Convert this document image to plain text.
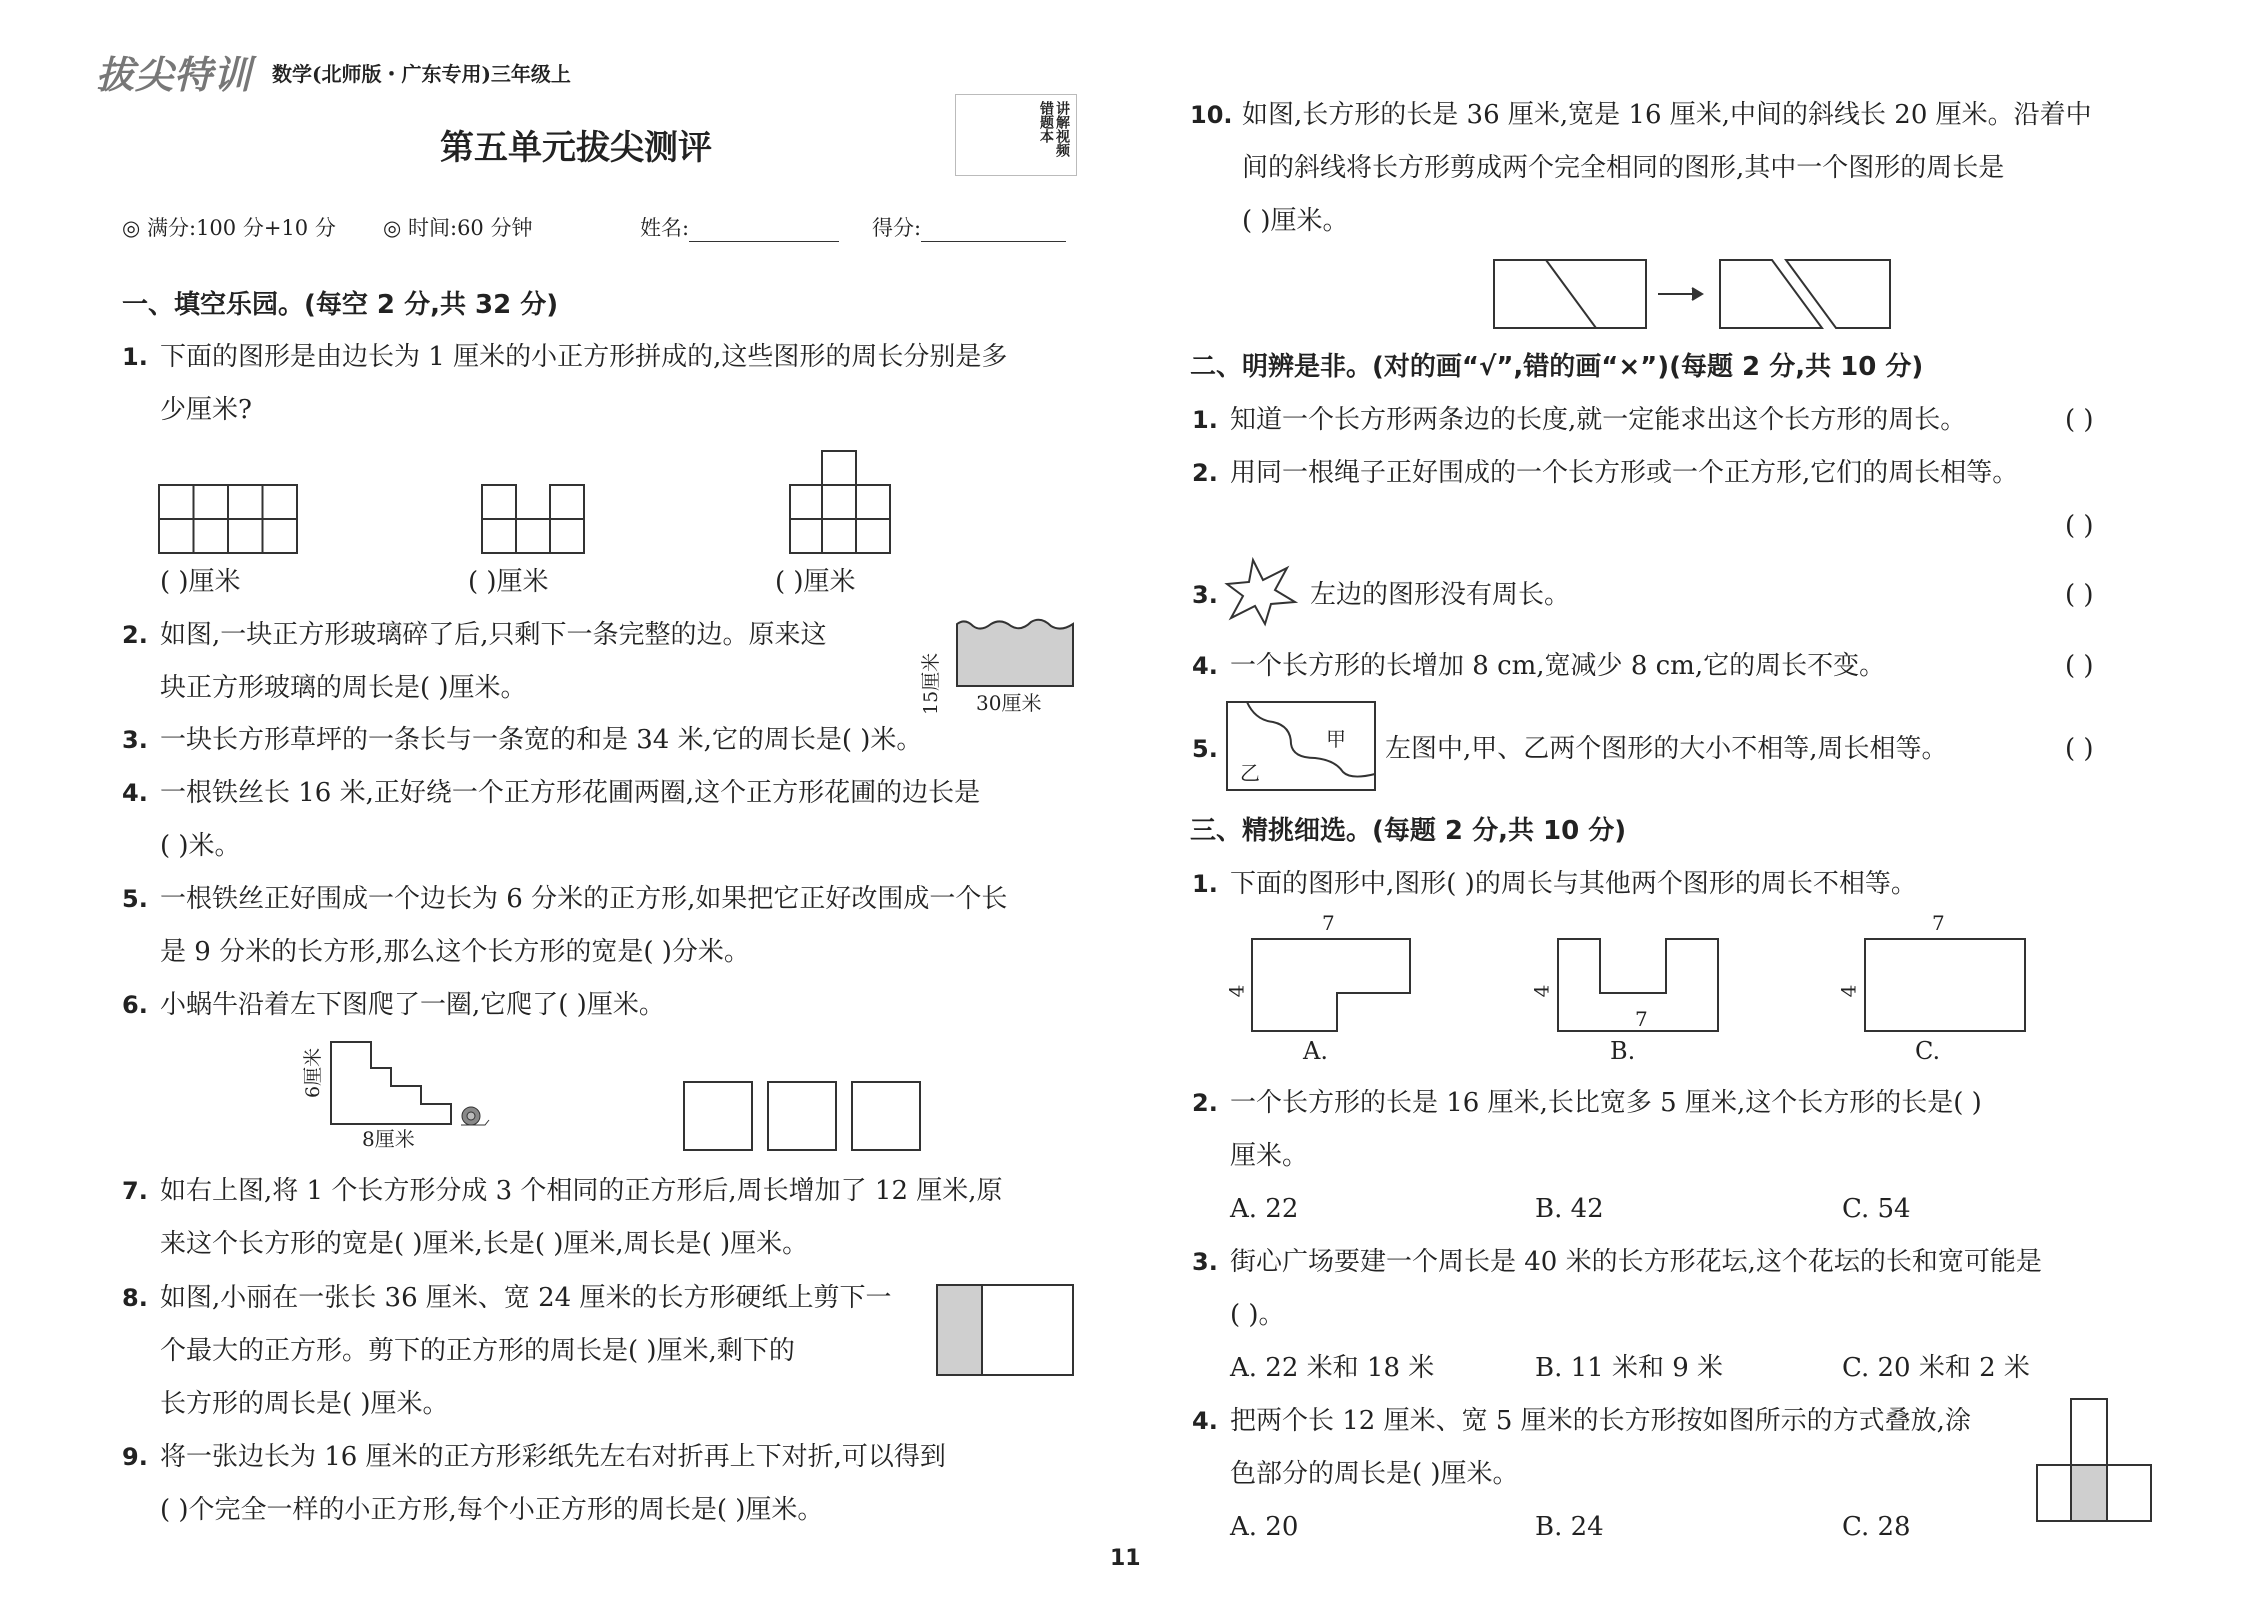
拔尖特训 数学(北师版・广东专用)三年级上
第五单元拔尖测评	讲解视频 错题本
◎ 满分:100 分+10 分 ◎ 时间:60 分钟	姓名:	得分:
一、填空乐园。(每空 2 分,共 32 分)
1. 下面的图形是由边长为 1 厘米的小正方形拼成的,这些图形的周长分别是多
少厘米?
( )厘米	( )厘米	( )厘米
2. 如图,一块正方形玻璃碎了后,只剩下一条完整的边。原来这
块正方形玻璃的周长是( )厘米。	15厘米 30厘米
3. 一块长方形草坪的一条长与一条宽的和是 34 米,它的周长是( )米。
4. 一根铁丝长 16 米,正好绕一个正方形花圃两圈,这个正方形花圃的边长是
( )米。
5. 一根铁丝正好围成一个边长为 6 分米的正方形,如果把它正好改围成一个长
是 9 分米的长方形,那么这个长方形的宽是( )分米。
6. 小蜗牛沿着左下图爬了一圈,它爬了( )厘米。
6厘米
8厘米
7. 如右上图,将 1 个长方形分成 3 个相同的正方形后,周长增加了 12 厘米,原
来这个长方形的宽是( )厘米,长是( )厘米,周长是( )厘米。
8. 如图,小丽在一张长 36 厘米、宽 24 厘米的长方形硬纸上剪下一
个最大的正方形。剪下的正方形的周长是( )厘米,剩下的
长方形的周长是( )厘米。
9. 将一张边长为 16 厘米的正方形彩纸先左右对折再上下对折,可以得到
( )个完全一样的小正方形,每个小正方形的周长是( )厘米。
10. 如图,长方形的长是 36 厘米,宽是 16 厘米,中间的斜线长 20 厘米。沿着中
间的斜线将长方形剪成两个完全相同的图形,其中一个图形的周长是
( )厘米。
二、明辨是非。(对的画“√”,错的画“×”)(每题 2 分,共 10 分)
1. 知道一个长方形两条边的长度,就一定能求出这个长方形的周长。	( )
2. 用同一根绳子正好围成的一个长方形或一个正方形,它们的周长相等。
( )
3.	左边的图形没有周长。	( )
4. 一个长方形的长增加 8 cm,宽减少 8 cm,它的周长不变。	( )
5.	甲
乙
左图中,甲、乙两个图形的大小不相等,周长相等。	( )
三、精挑细选。(每题 2 分,共 10 分)
1. 下面的图形中,图形( )的周长与其他两个图形的周长不相等。
7
4
A.
7
4
B.
7
4
C.
2. 一个长方形的长是 16 厘米,长比宽多 5 厘米,这个长方形的长是( )
厘米。
A. 22	B. 42	C. 54
3. 街心广场要建一个周长是 40 米的长方形花坛,这个花坛的长和宽可能是
( )。
A. 22 米和 18 米	B. 11 米和 9 米	C. 20 米和 2 米
4. 把两个长 12 厘米、宽 5 厘米的长方形按如图所示的方式叠放,涂
色部分的周长是( )厘米。
A. 20	B. 24	C. 28
11
